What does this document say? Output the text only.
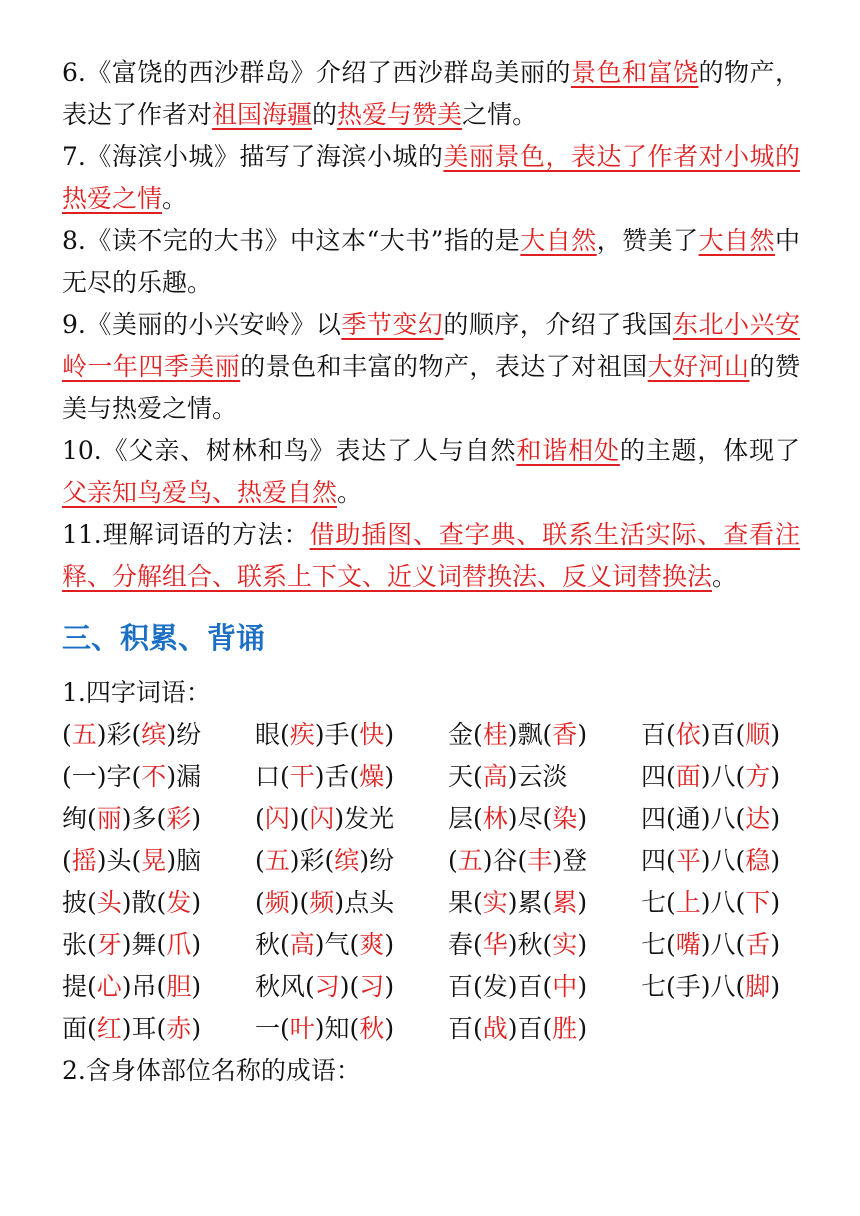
6.《富饶的西沙群岛》介绍了西沙群岛美丽的景色和富饶的物产，表达了作者对祖国海疆的热爱与赞美之情。

7.《海滨小城》描写了海滨小城的美丽景色，表达了作者对小城的热爱之情。

8.《读不完的大书》中这本“大书”指的是大自然，赞美了大自然中无尽的乐趣。

9.《美丽的小兴安岭》以季节变幻的顺序，介绍了我国东北小兴安岭一年四季美丽的景色和丰富的物产，表达了对祖国大好河山的赞美与热爱之情。

10.《父亲、树林和鸟》表达了人与自然和谐相处的主题，体现了父亲知鸟爱鸟、热爱自然。

11.理解词语的方法：借助插图、查字典、联系生活实际、查看注释、分解组合、联系上下文、近义词替换法、反义词替换法。

三、积累、背诵

1.四字词语：

(五)彩(缤)纷	眼(疾)手(快)	金(桂)飘(香)	百(依)百(顺)
(一)字(不)漏	口(干)舌(燥)	天(高)云淡	四(面)八(方)
绚(丽)多(彩)	(闪)(闪)发光	层(林)尽(染)	四(通)八(达)
(摇)头(晃)脑	(五)彩(缤)纷	(五)谷(丰)登	四(平)八(稳)
披(头)散(发)	(频)(频)点头	果(实)累(累)	七(上)八(下)
张(牙)舞(爪)	秋(高)气(爽)	春(华)秋(实)	七(嘴)八(舌)
提(心)吊(胆)	秋风(习)(习)	百(发)百(中)	七(手)八(脚)
面(红)耳(赤)	一(叶)知(秋)	百(战)百(胜)

2.含身体部位名称的成语：
